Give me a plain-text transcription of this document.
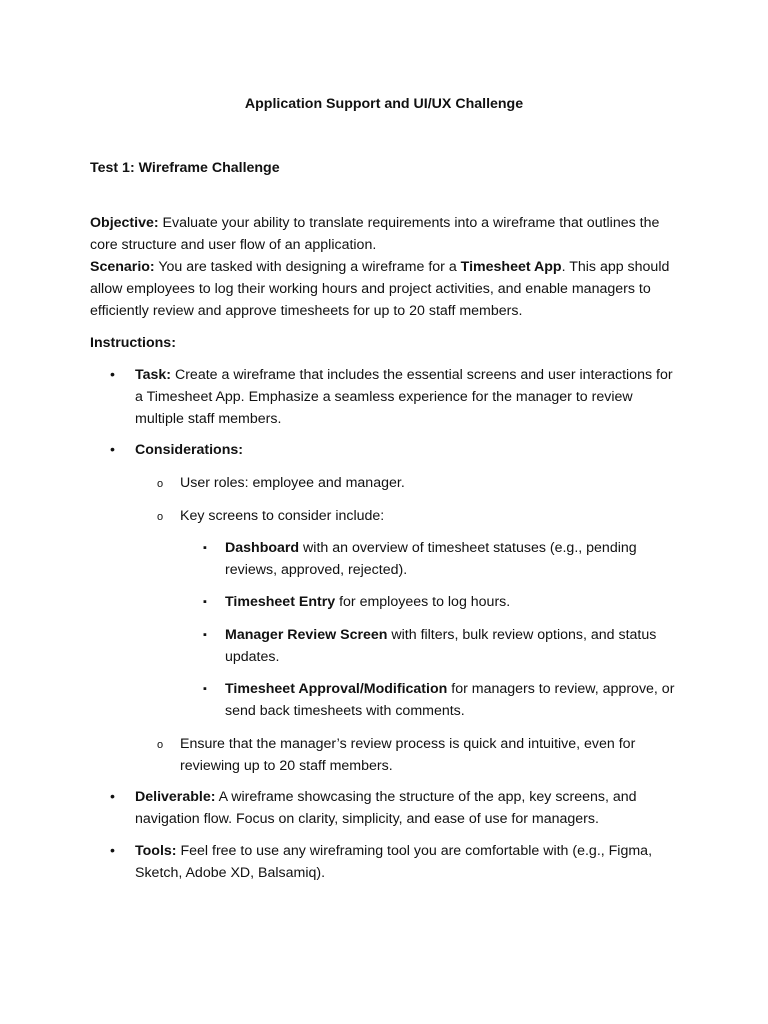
Application Support and UI/UX Challenge
Test 1: Wireframe Challenge
Objective: Evaluate your ability to translate requirements into a wireframe that outlines the core structure and user flow of an application.
Scenario: You are tasked with designing a wireframe for a Timesheet App. This app should allow employees to log their working hours and project activities, and enable managers to efficiently review and approve timesheets for up to 20 staff members.
Instructions:
•	Task: Create a wireframe that includes the essential screens and user interactions for a Timesheet App. Emphasize a seamless experience for the manager to review multiple staff members.
•	Considerations:
o	User roles: employee and manager.
o	Key screens to consider include:
▪	Dashboard with an overview of timesheet statuses (e.g., pending reviews, approved, rejected).
▪	Timesheet Entry for employees to log hours.
▪	Manager Review Screen with filters, bulk review options, and status updates.
▪	Timesheet Approval/Modification for managers to review, approve, or send back timesheets with comments.
o	Ensure that the manager’s review process is quick and intuitive, even for reviewing up to 20 staff members.
•	Deliverable: A wireframe showcasing the structure of the app, key screens, and navigation flow. Focus on clarity, simplicity, and ease of use for managers.
•	Tools: Feel free to use any wireframing tool you are comfortable with (e.g., Figma, Sketch, Adobe XD, Balsamiq).
